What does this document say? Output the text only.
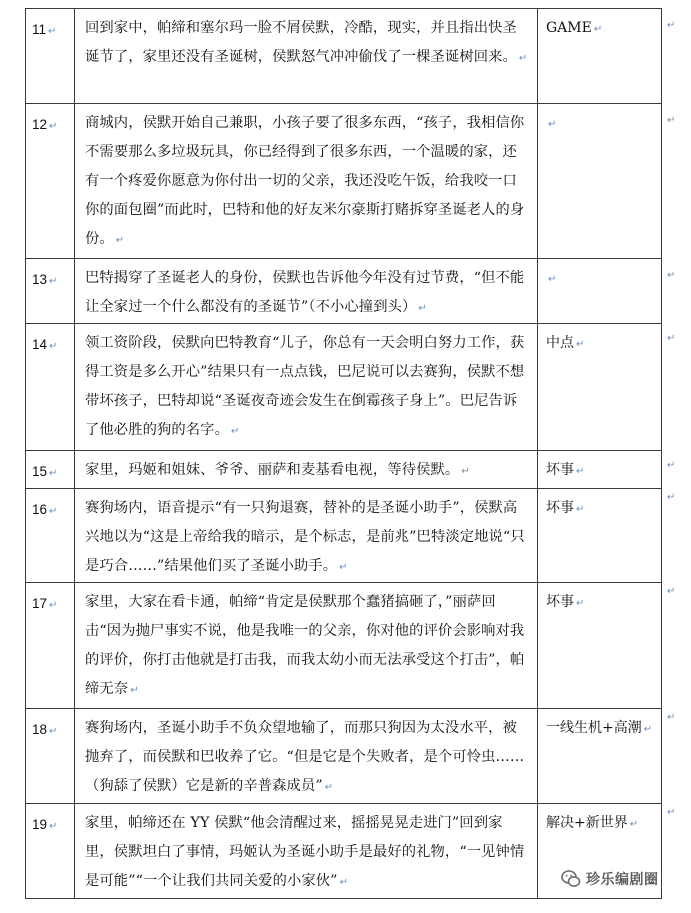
11 ↵	回到家中，帕缔和塞尔玛一脸不屑侯默，冷酷，现实，并且指出快圣诞节了，家里还没有圣诞树，侯默怒气冲冲偷伐了一棵圣诞树回来。 ↵	GAME ↵
12 ↵	商城内，侯默开始自己兼职，小孩子要了很多东西，“孩子，我相信你不需要那么多垃圾玩具，你已经得到了很多东西，一个温暖的家，还有一个疼爱你愿意为你付出一切的父亲，我还没吃午饭，给我咬一口你的面包圈”而此时，巴特和他的好友米尔豪斯打赌拆穿圣诞老人的身份。 ↵	↵
13 ↵	巴特揭穿了圣诞老人的身份，侯默也告诉他今年没有过节费，“但不能让全家过一个什么都没有的圣诞节”（不小心撞到头） ↵	↵
14 ↵	领工资阶段，侯默向巴特教育“儿子，你总有一天会明白努力工作，获得工资是多么开心”结果只有一点点钱，巴尼说可以去赛狗，侯默不想带坏孩子，巴特却说“圣诞夜奇迹会发生在倒霉孩子身上”。巴尼告诉了他必胜的狗的名字。 ↵	中点 ↵
15 ↵	家里，玛姬和姐妹、爷爷、丽萨和麦基看电视，等待侯默。 ↵	坏事 ↵
16 ↵	赛狗场内，语音提示“有一只狗退赛，替补的是圣诞小助手”，侯默高兴地以为“这是上帝给我的暗示，是个标志，是前兆”巴特淡定地说“只是巧合……”结果他们买了圣诞小助手。 ↵	坏事 ↵
17 ↵	家里，大家在看卡通，帕缔“肯定是侯默那个蠢猪搞砸了，”丽萨回击“因为抛尸事实不说，他是我唯一的父亲，你对他的评价会影响对我的评价，你打击他就是打击我，而我太幼小而无法承受这个打击”，帕缔无奈 ↵	坏事 ↵
18 ↵	赛狗场内，圣诞小助手不负众望地输了，而那只狗因为太没水平，被抛弃了，而侯默和巴收养了它。“但是它是个失败者，是个可怜虫……（狗舔了侯默）它是新的辛普森成员” ↵	一线生机+高潮 ↵
19 ↵	家里，帕缔还在 YY 侯默“他会清醒过来，摇摇晃晃走进门”回到家里，侯默坦白了事情，玛姬认为圣诞小助手是最好的礼物，“一见钟情是可能”“一个让我们共同关爱的小家伙” ↵	解决+新世界 ↵
珍乐编剧圈
↵
↵
↵
↵
↵
↵
↵
↵
↵
